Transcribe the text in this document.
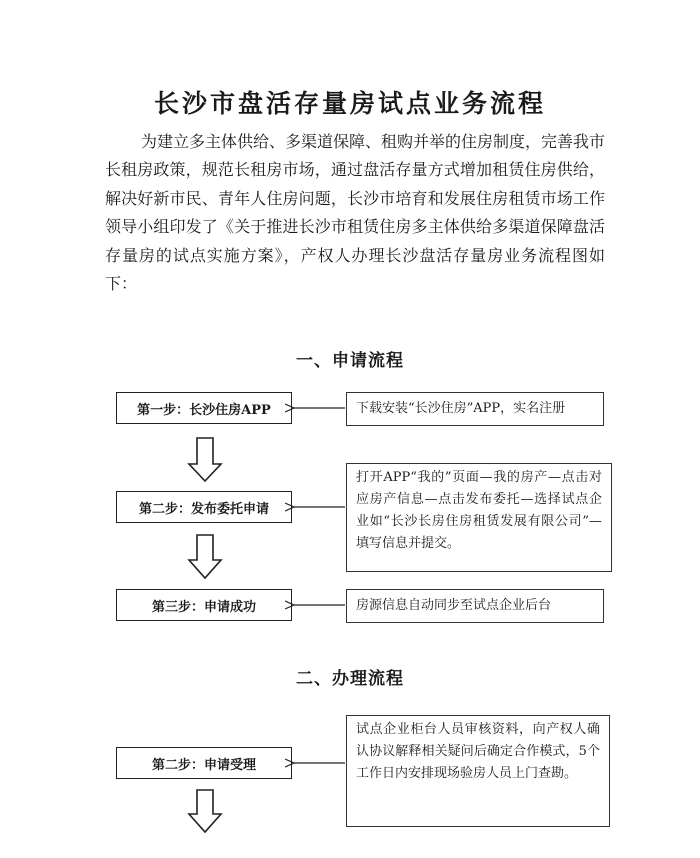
长沙市盘活存量房试点业务流程

为建立多主体供给、多渠道保障、租购并举的住房制度，完善我市长租房政策，规范长租房市场，通过盘活存量方式增加租赁住房供给，解决好新市民、青年人住房问题，长沙市培育和发展住房租赁市场工作领导小组印发了《关于推进长沙市租赁住房多主体供给多渠道保障盘活存量房的试点实施方案》，产权人办理长沙盘活存量房业务流程图如下：

一、申请流程
第一步：长沙住房APP	下载安装“长沙住房”APP，实名注册
第二步：发布委托申请
打开APP“我的”页面—我的房产—点击对应房产信息—点击发布委托—选择试点企业如“长沙长房住房租赁发展有限公司”—填写信息并提交。
第三步：申请成功	房源信息自动同步至试点企业后台
二、办理流程
第二步：申请受理
试点企业柜台人员审核资料，向产权人确认协议解释相关疑问后确定合作模式，5个工作日内安排现场验房人员上门查勘。
